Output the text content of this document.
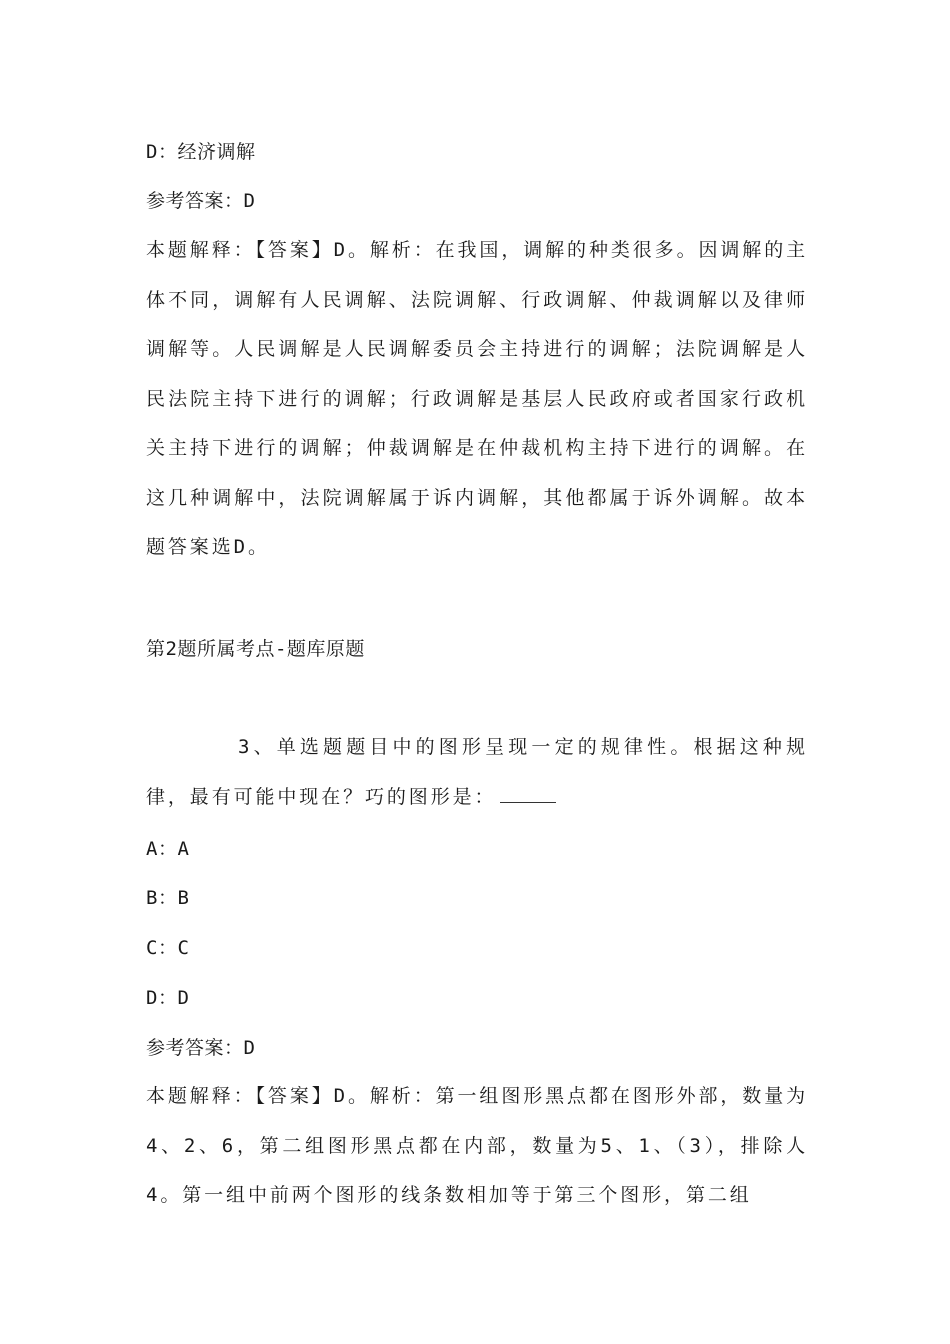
D：经济调解
参考答案：D
本题解释：【答案】D。解析：在我国，调解的种类很多。因调解的主体不同，调解有人民调解、法院调解、行政调解、仲裁调解以及律师调解等。人民调解是人民调解委员会主持进行的调解；法院调解是人民法院主持下进行的调解；行政调解是基层人民政府或者国家行政机关主持下进行的调解；仲裁调解是在仲裁机构主持下进行的调解。在这几种调解中，法院调解属于诉内调解，其他都属于诉外调解。故本题答案选D。
第2题所属考点-题库原题
3、单选题题目中的图形呈现一定的规律性。根据这种规律，最有可能中现在？巧的图形是：
A：A
B：B
C：C
D：D
参考答案：D
本题解释：【答案】D。解析：第一组图形黑点都在图形外部，数量为4、2、6，第二组图形黑点都在内部，数量为5、1、（3），排除人4。第一组中前两个图形的线条数相加等于第三个图形，第二组
